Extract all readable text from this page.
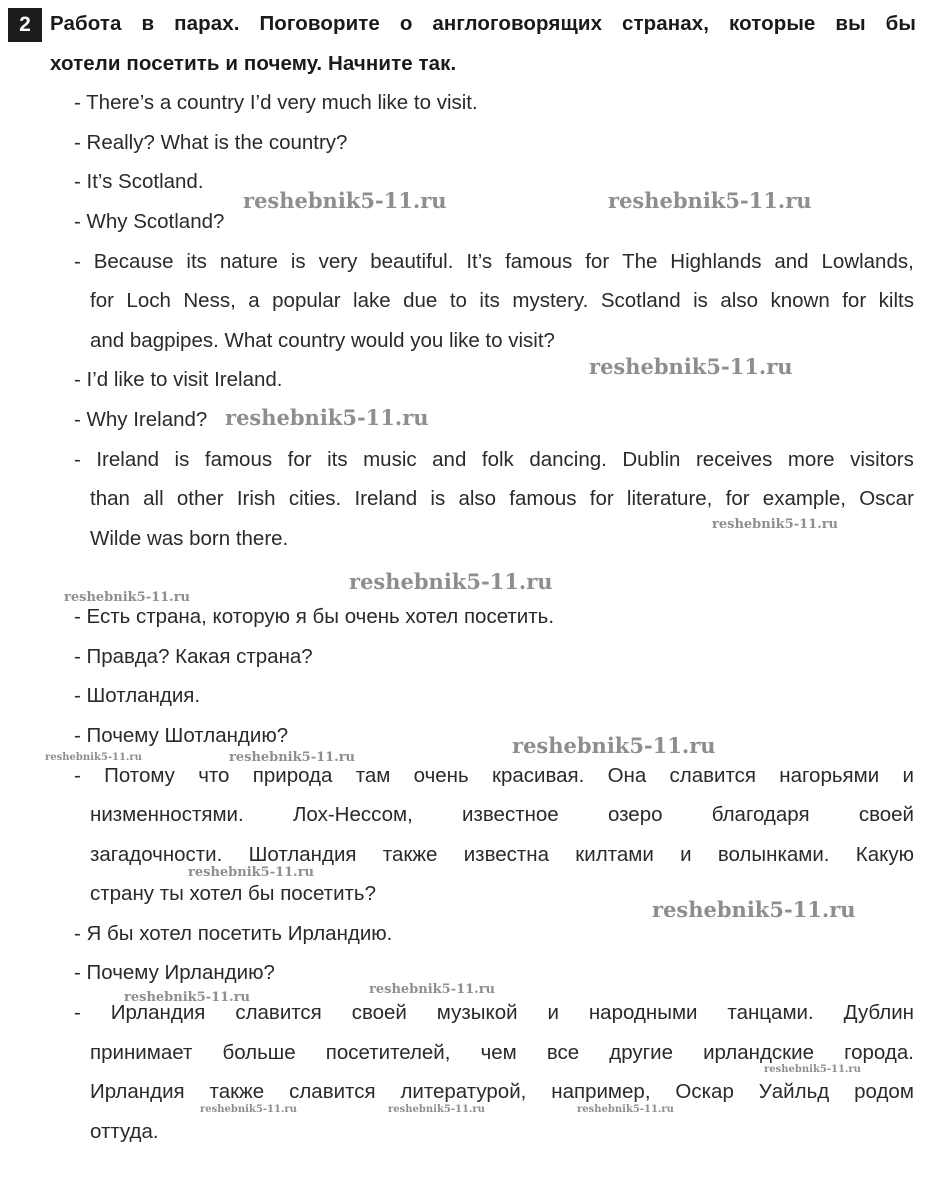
2 Работа в парах. Поговорите о англоговорящих странах, которые вы бы
хотели посетить и почему. Начните так.
- There’s a country I’d very much like to visit.
- Really? What is the country?
- It’s Scotland.
- Why Scotland?
- Because its nature is very beautiful. It’s famous for The Highlands and Lowlands,
for Loch Ness, a popular lake due to its mystery. Scotland is also known for kilts
and bagpipes. What country would you like to visit?
- I’d like to visit Ireland.
- Why Ireland?
- Ireland is famous for its music and folk dancing. Dublin receives more visitors
than all other Irish cities. Ireland is also famous for literature, for example, Oscar
Wilde was born there.
- Есть страна, которую я бы очень хотел посетить.
- Правда? Какая страна?
- Шотландия.
- Почему Шотландию?
- Потому что природа там очень красивая. Она славится нагорьями и
низменностями. Лох-Нессом, известное озеро благодаря своей
загадочности. Шотландия также известна килтами и волынками. Какую
страну ты хотел бы посетить?
- Я бы хотел посетить Ирландию.
- Почему Ирландию?
- Ирландия славится своей музыкой и народными танцами. Дублин
принимает больше посетителей, чем все другие ирландские города.
Ирландия также славится литературой, например, Оскар Уайльд родом
оттуда.
reshebnik5-11.ru	reshebnik5-11.ru
reshebnik5-11.ru
reshebnik5-11.ru
reshebnik5-11.ru
reshebnik5-11.ru
reshebnik5-11.ru
reshebnik5-11.ru	reshebnik5-11.ru	reshebnik5-11.ru
reshebnik5-11.ru
reshebnik5-11.ru
reshebnik5-11.ru
reshebnik5-11.ru
reshebnik5-11.ru
reshebnik5-11.ru	reshebnik5-11.ru	reshebnik5-11.ru
